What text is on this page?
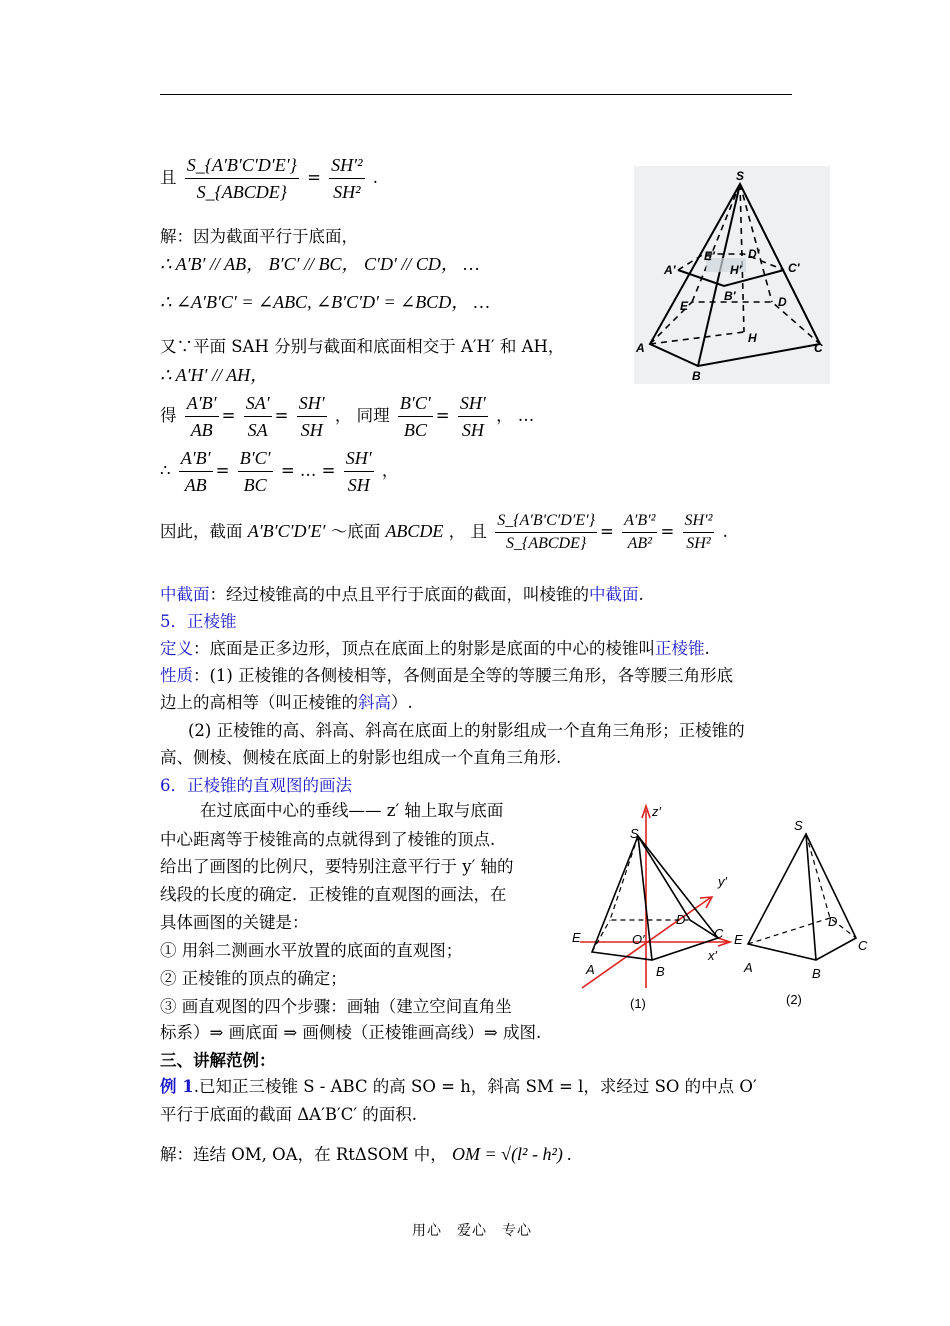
且 $\frac{S\_\{A'B'C'D'E'\}}{\text{S\_\{ABCDE\}}} = \frac{\text{SH′²}}{\text{SH²}}$ .
解：因为截面平行于底面，
∴ A′B′ // AB， B′C′ // BC， C′D′ // CD， …
∴ ∠A′B′C′ = ∠ABC, ∠B′C′D′ = ∠BCD， …
又∵平面 SAH 分别与截面和底面相交于 A′H′ 和 AH，
∴ A′H′ // AH，
得 $\frac{A'B'}{AB} = \frac{SA'}{SA} = \frac{SH'}{SH}$ ， 同理 $\frac{B'C'}{BC} = \frac{SH'}{SH}$ ， …
∴ $\frac{A'B'}{AB} = \frac{B'C'}{BC}$ = … = $\frac{SH'}{SH}$ ，
因此，截面 A′B′C′D′E′ ～底面 ABCDE ， 且 $\frac{S\_\{A'B'C'D'E'\}}{\text{S\_\{ABCDE\}}} = \frac{\text{A′B′²}}{\text{AB²}} = \frac{\text{SH′²}}{\text{SH²}}$ .
中截面：经过棱锥高的中点且平行于底面的截面，叫棱锥的中截面.
5．正棱锥
定义：底面是正多边形，顶点在底面上的射影是底面的中心的棱锥叫正棱锥.
性质：(1) 正棱锥的各侧棱相等，各侧面是全等的等腰三角形，各等腰三角形底
边上的高相等（叫正棱锥的斜高）.
(2) 正棱锥的高、斜高、斜高在底面上的射影组成一个直角三角形；正棱锥的
高、侧棱、侧棱在底面上的射影也组成一个直角三角形.
6．正棱锥的直观图的画法
在过底面中心的垂线—— z′ 轴上取与底面
中心距离等于棱锥高的点就得到了棱锥的顶点.
给出了画图的比例尺，要特别注意平行于 y′ 轴的
线段的长度的确定．正棱锥的直观图的画法，在
具体画图的关键是：
① 用斜二测画水平放置的底面的直观图；
② 正棱锥的顶点的确定；
③ 画直观图的四个步骤：画轴（建立空间直角坐
标系）⇒ 画底面 ⇒ 画侧棱（正棱锥画高线）⇒ 成图.
三、讲解范例：
例 1.已知正三棱锥 S - ABC 的高 SO = h，斜高 SM = l，求经过 SO 的中点 O′
平行于底面的截面 ΔA′B′C′ 的面积.
解：连结 OM, OA，在 RtΔSOM 中， OM = √(l² - h²) .
用心　爱心　专心
S
E′	D′
A′	H′	C′
B′
E	D
A
H
C
B
z′
S
y′
D
E	O′	C
A	B
x′
(1)
S
D
E	C
A	B
(2)
